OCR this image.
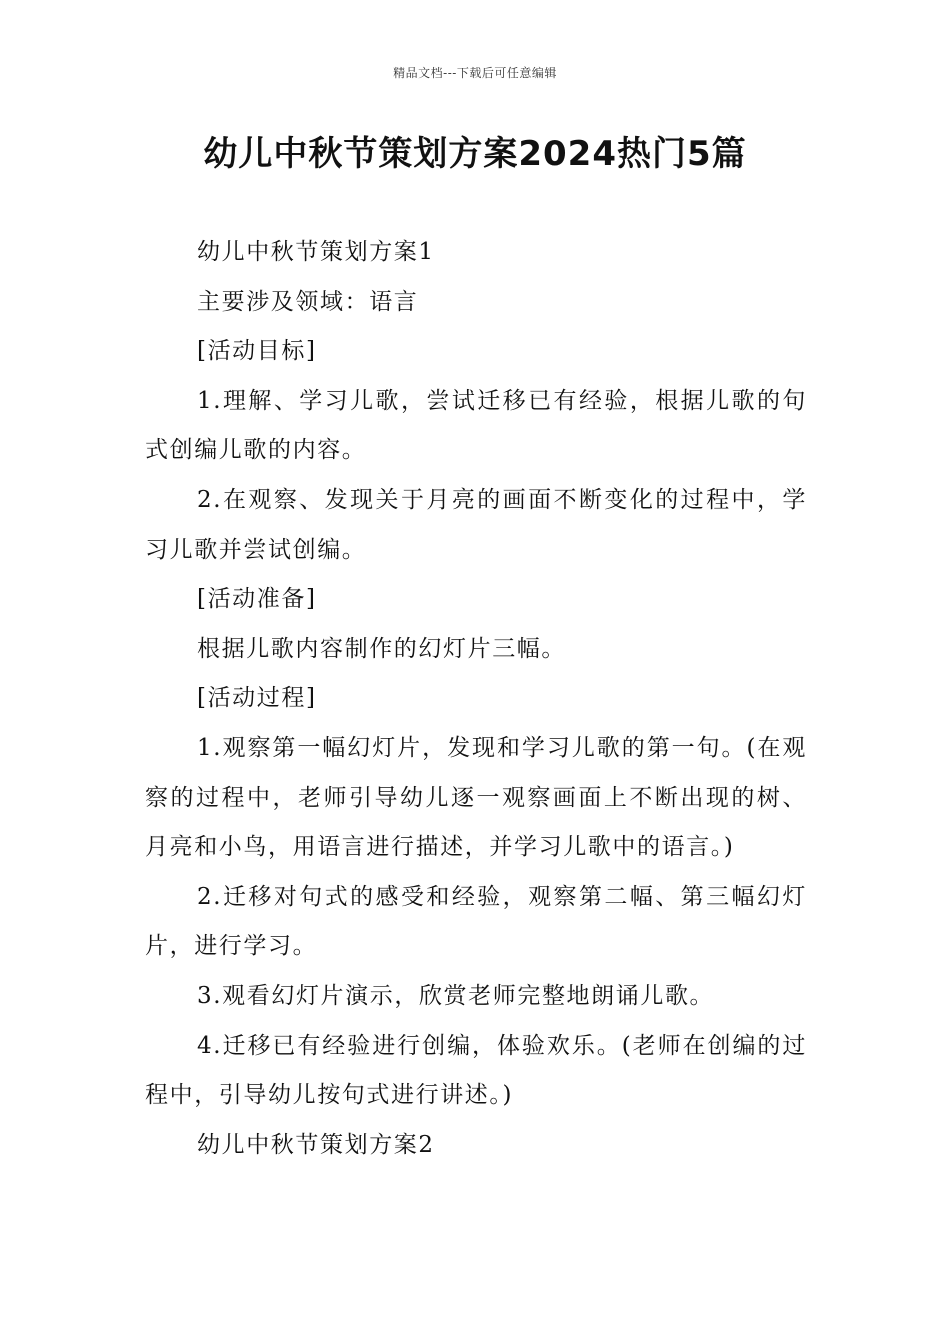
精品文档---下载后可任意编辑
幼儿中秋节策划方案2024热门5篇

幼儿中秋节策划方案1

主要涉及领域：语言

[活动目标]

1.理解、学习儿歌，尝试迁移已有经验，根据儿歌的句式创编儿歌的内容。

2.在观察、发现关于月亮的画面不断变化的过程中，学习儿歌并尝试创编。

[活动准备]

根据儿歌内容制作的幻灯片三幅。

[活动过程]

1.观察第一幅幻灯片，发现和学习儿歌的第一句。(在观察的过程中，老师引导幼儿逐一观察画面上不断出现的树、月亮和小鸟，用语言进行描述，并学习儿歌中的语言。)

2.迁移对句式的感受和经验，观察第二幅、第三幅幻灯片，进行学习。

3.观看幻灯片演示，欣赏老师完整地朗诵儿歌。

4.迁移已有经验进行创编，体验欢乐。(老师在创编的过程中，引导幼儿按句式进行讲述。)

幼儿中秋节策划方案2
